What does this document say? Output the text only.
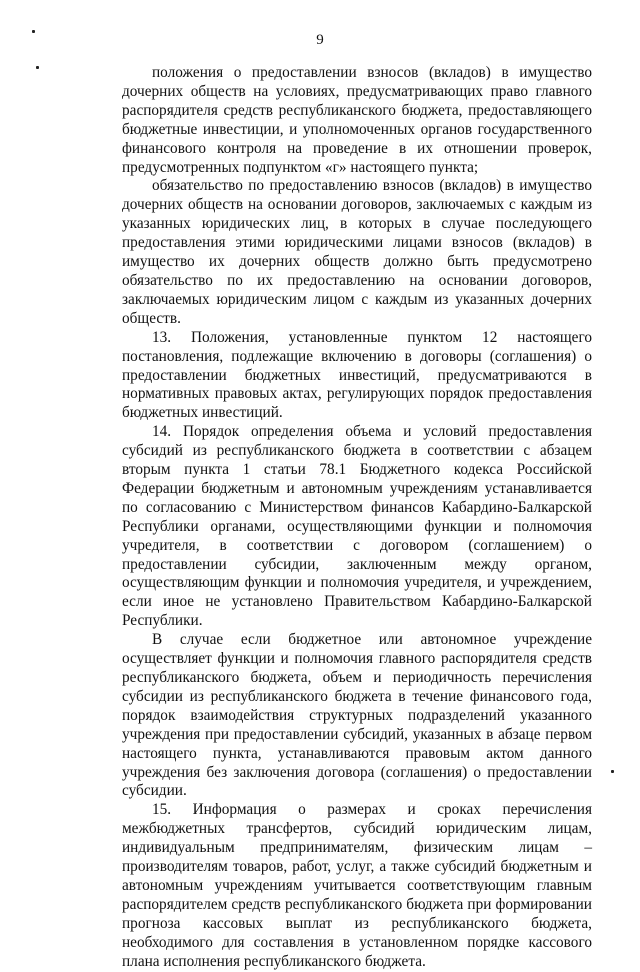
9

положения о предоставлении взносов (вкладов) в имущество дочерних обществ на условиях, предусматривающих право главного распорядителя средств республиканского бюджета, предоставляющего бюджетные инвестиции, и уполномоченных органов государственного финансового контроля на проведение в их отношении проверок, предусмотренных подпунктом «г» настоящего пункта;

обязательство по предоставлению взносов (вкладов) в имущество дочерних обществ на основании договоров, заключаемых с каждым из указанных юридических лиц, в которых в случае последующего предоставления этими юридическими лицами взносов (вкладов) в имущество их дочерних обществ должно быть предусмотрено обязательство по их предоставлению на основании договоров, заключаемых юридическим лицом с каждым из указанных дочерних обществ.

13. Положения, установленные пунктом 12 настоящего постановления, подлежащие включению в договоры (соглашения) о предоставлении бюджетных инвестиций, предусматриваются в нормативных правовых актах, регулирующих порядок предоставления бюджетных инвестиций.

14. Порядок определения объема и условий предоставления субсидий из республиканского бюджета в соответствии с абзацем вторым пункта 1 статьи 78.1 Бюджетного кодекса Российской Федерации бюджетным и автономным учреждениям устанавливается по согласованию с Министерством финансов Кабардино-Балкарской Республики органами, осуществляющими функции и полномочия учредителя, в соответствии с договором (соглашением) о предоставлении субсидии, заключенным между органом, осуществляющим функции и полномочия учредителя, и учреждением, если иное не установлено Правительством Кабардино-Балкарской Республики.

В случае если бюджетное или автономное учреждение осуществляет функции и полномочия главного распорядителя средств республиканского бюджета, объем и периодичность перечисления субсидии из республиканского бюджета в течение финансового года, порядок взаимодействия структурных подразделений указанного учреждения при предоставлении субсидий, указанных в абзаце первом настоящего пункта, устанавливаются правовым актом данного учреждения без заключения договора (соглашения) о предоставлении субсидии.

15. Информация о размерах и сроках перечисления межбюджетных трансфертов, субсидий юридическим лицам, индивидуальным предпринимателям, физическим лицам – производителям товаров, работ, услуг, а также субсидий бюджетным и автономным учреждениям учитывается соответствующим главным распорядителем средств республиканского бюджета при формировании прогноза кассовых выплат из республиканского бюджета, необходимого для составления в установленном порядке кассового плана исполнения республиканского бюджета.
